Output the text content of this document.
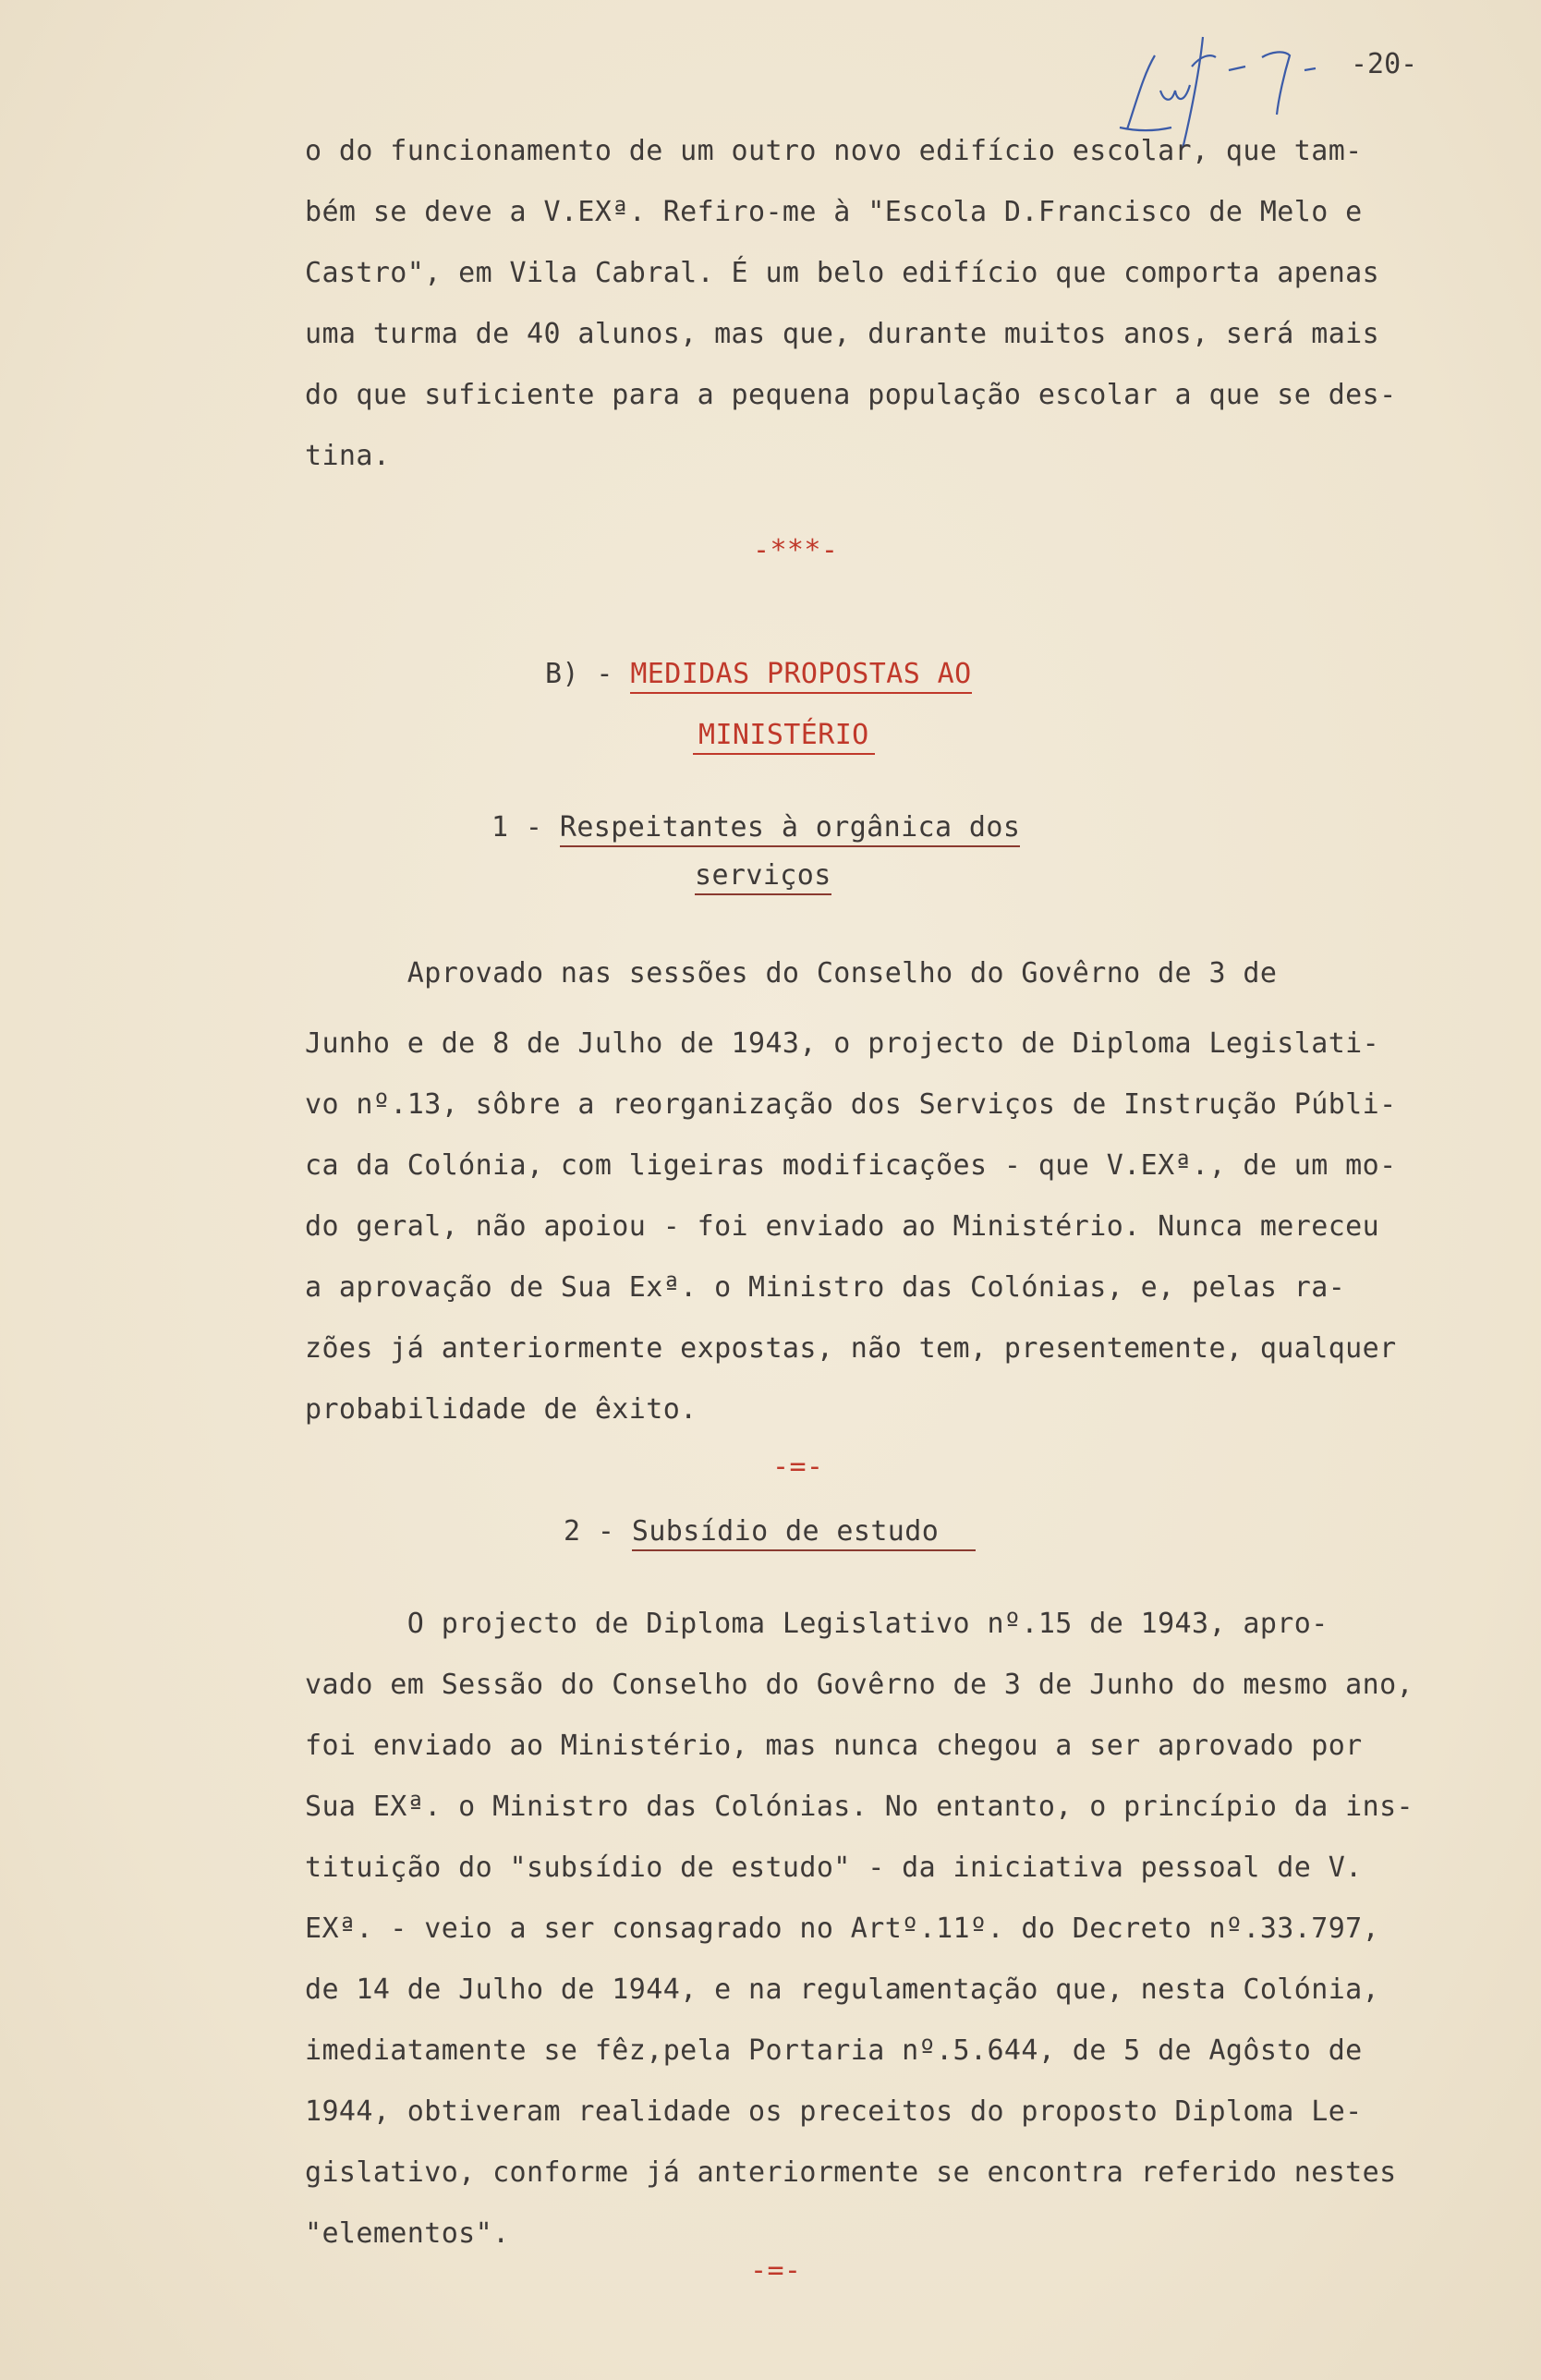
-20-
o do funcionamento de um outro novo edifício escolar, que tam-
bém se deve a V.EXª. Refiro-me à "Escola D.Francisco de Melo e
Castro", em Vila Cabral. É um belo edifício que comporta apenas
uma turma de 40 alunos, mas que, durante muitos anos, será mais
do que suficiente para a pequena população escolar a que se des-
tina.
-***-
B) - MEDIDAS PROPOSTAS AO
MINISTÉRIO
1 - Respeitantes à orgânica dos
serviços
Aprovado nas sessões do Conselho do Govêrno de 3 de
Junho e de 8 de Julho de 1943, o projecto de Diploma Legislati-
vo nº.13, sôbre a reorganização dos Serviços de Instrução Públi-
ca da Colónia, com ligeiras modificações - que V.EXª., de um mo-
do geral, não apoiou - foi enviado ao Ministério. Nunca mereceu
a aprovação de Sua Exª. o Ministro das Colónias, e, pelas ra-
zões já anteriormente expostas, não tem, presentemente, qualquer
probabilidade de êxito.
-=-
2 - Subsídio de estudo
O projecto de Diploma Legislativo nº.15 de 1943, apro-
vado em Sessão do Conselho do Govêrno de 3 de Junho do mesmo ano,
foi enviado ao Ministério, mas nunca chegou a ser aprovado por
Sua EXª. o Ministro das Colónias. No entanto, o princípio da ins-
tituição do "subsídio de estudo" - da iniciativa pessoal de V.
EXª. - veio a ser consagrado no Artº.11º. do Decreto nº.33.797,
de 14 de Julho de 1944, e na regulamentação que, nesta Colónia,
imediatamente se fêz,pela Portaria nº.5.644, de 5 de Agôsto de
1944, obtiveram realidade os preceitos do proposto Diploma Le-
gislativo, conforme já anteriormente se encontra referido nestes
"elementos".
-=-
